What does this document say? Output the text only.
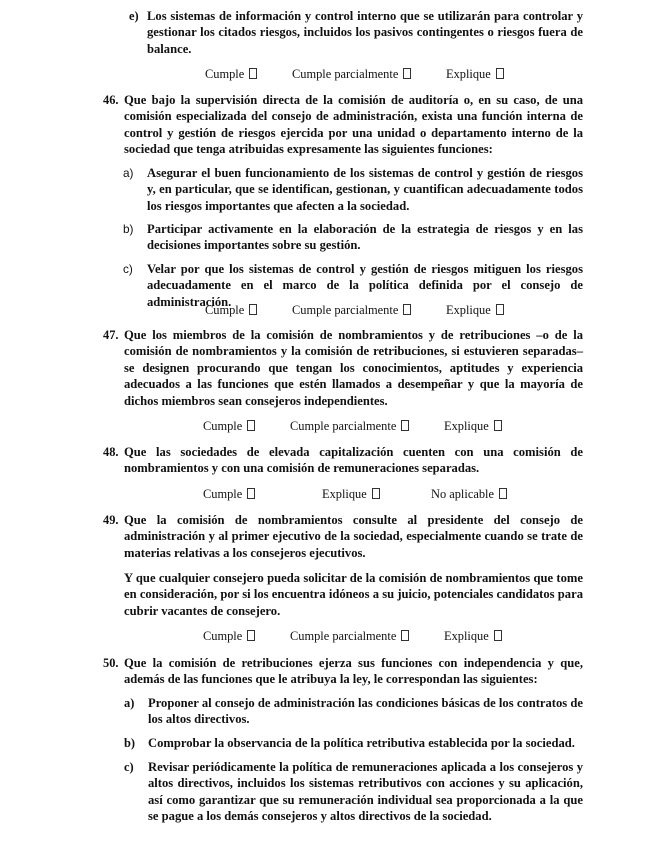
e) Los sistemas de información y control interno que se utilizarán para controlar y gestionar los citados riesgos, incluidos los pasivos contingentes o riesgos fuera de balance.
Cumple	Cumple parcialmente	Explique
46. Que bajo la supervisión directa de la comisión de auditoría o, en su caso, de una comisión especializada del consejo de administración, exista una función interna de control y gestión de riesgos ejercida por una unidad o departamento interno de la sociedad que tenga atribuidas expresamente las siguientes funciones:
a) Asegurar el buen funcionamiento de los sistemas de control y gestión de riesgos y, en particular, que se identifican, gestionan, y cuantifican adecuadamente todos los riesgos importantes que afecten a la sociedad.
b) Participar activamente en la elaboración de la estrategia de riesgos y en las decisiones importantes sobre su gestión.
c) Velar por que los sistemas de control y gestión de riesgos mitiguen los riesgos adecuadamente en el marco de la política definida por el consejo de administración.
Cumple	Cumple parcialmente	Explique
47. Que los miembros de la comisión de nombramientos y de retribuciones –o de la comisión de nombramientos y la comisión de retribuciones, si estuvieren separadas– se designen procurando que tengan los conocimientos, aptitudes y experiencia adecuados a las funciones que estén llamados a desempeñar y que la mayoría de dichos miembros sean consejeros independientes.
Cumple	Cumple parcialmente	Explique
48. Que las sociedades de elevada capitalización cuenten con una comisión de nombramientos y con una comisión de remuneraciones separadas.
Cumple	Explique	No aplicable
49. Que la comisión de nombramientos consulte al presidente del consejo de administración y al primer ejecutivo de la sociedad, especialmente cuando se trate de materias relativas a los consejeros ejecutivos.
Y que cualquier consejero pueda solicitar de la comisión de nombramientos que tome en consideración, por si los encuentra idóneos a su juicio, potenciales candidatos para cubrir vacantes de consejero.
Cumple	Cumple parcialmente	Explique
50. Que la comisión de retribuciones ejerza sus funciones con independencia y que, además de las funciones que le atribuya la ley, le correspondan las siguientes:
a) Proponer al consejo de administración las condiciones básicas de los contratos de los altos directivos.
b) Comprobar la observancia de la política retributiva establecida por la sociedad.
c) Revisar periódicamente la política de remuneraciones aplicada a los consejeros y altos directivos, incluidos los sistemas retributivos con acciones y su aplicación, así como garantizar que su remuneración individual sea proporcionada a la que se pague a los demás consejeros y altos directivos de la sociedad.
